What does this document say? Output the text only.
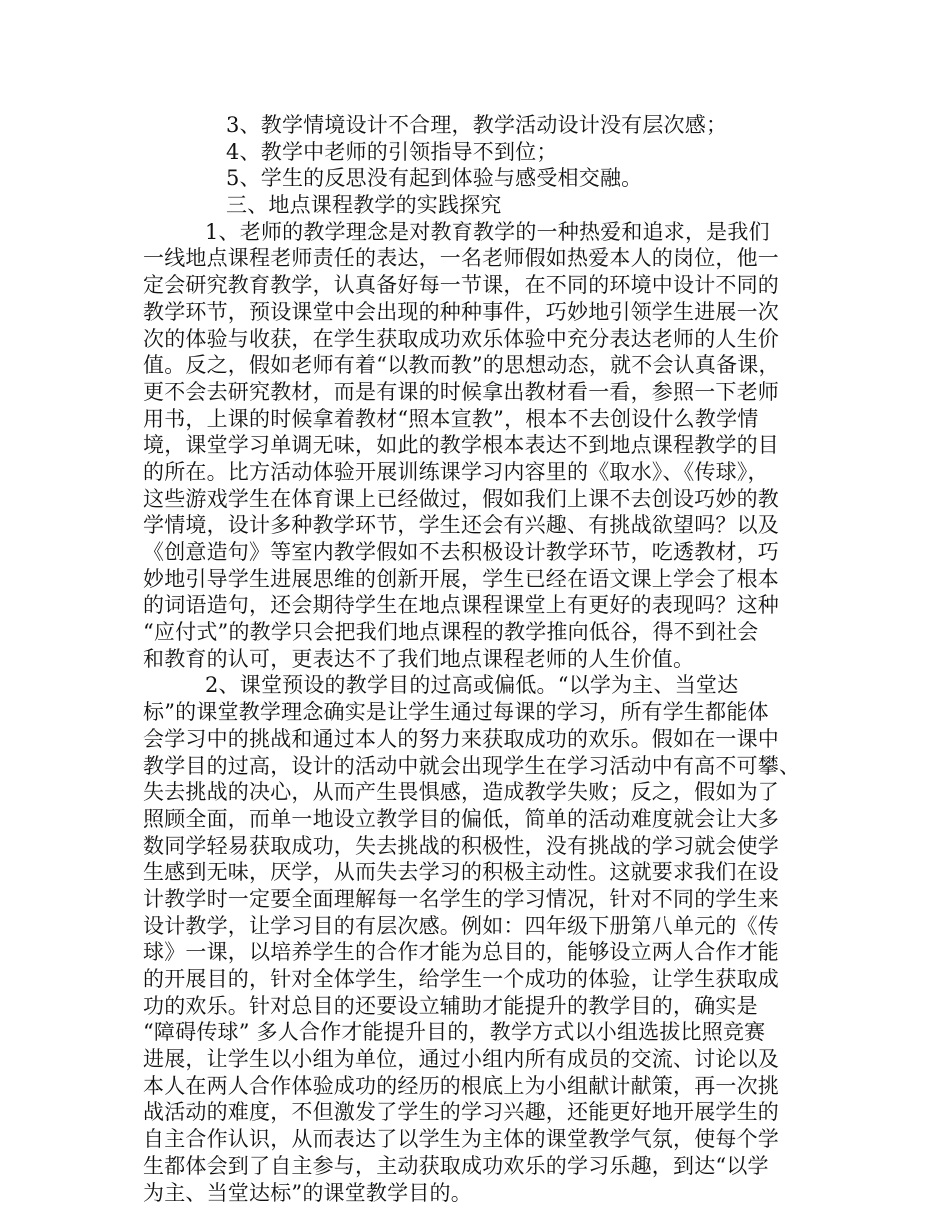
3、教学情境设计不合理，教学活动设计没有层次感；
4、教学中老师的引领指导不到位；
5、学生的反思没有起到体验与感受相交融。
三、地点课程教学的实践探究
1、老师的教学理念是对教育教学的一种热爱和追求，是我们
一线地点课程老师责任的表达，一名老师假如热爱本人的岗位，他一
定会研究教育教学，认真备好每一节课，在不同的环境中设计不同的
教学环节，预设课堂中会出现的种种事件，巧妙地引领学生进展一次
次的体验与收获，在学生获取成功欢乐体验中充分表达老师的人生价
值。反之，假如老师有着“以教而教”的思想动态，就不会认真备课，
更不会去研究教材，而是有课的时候拿出教材看一看，参照一下老师
用书，上课的时候拿着教材“照本宣教”，根本不去创设什么教学情
境，课堂学习单调无味，如此的教学根本表达不到地点课程教学的目
的所在。比方活动体验开展训练课学习内容里的《取水》、《传球》，
这些游戏学生在体育课上已经做过，假如我们上课不去创设巧妙的教
学情境，设计多种教学环节，学生还会有兴趣、有挑战欲望吗？以及
《创意造句》等室内教学假如不去积极设计教学环节，吃透教材，巧
妙地引导学生进展思维的创新开展，学生已经在语文课上学会了根本
的词语造句，还会期待学生在地点课程课堂上有更好的表现吗？这种
“应付式”的教学只会把我们地点课程的教学推向低谷，得不到社会
和教育的认可，更表达不了我们地点课程老师的人生价值。
2、课堂预设的教学目的过高或偏低。“以学为主、当堂达
标”的课堂教学理念确实是让学生通过每课的学习，所有学生都能体
会学习中的挑战和通过本人的努力来获取成功的欢乐。假如在一课中
教学目的过高，设计的活动中就会出现学生在学习活动中有高不可攀、
失去挑战的决心，从而产生畏惧感，造成教学失败；反之，假如为了
照顾全面，而单一地设立教学目的偏低，简单的活动难度就会让大多
数同学轻易获取成功，失去挑战的积极性，没有挑战的学习就会使学
生感到无味，厌学，从而失去学习的积极主动性。这就要求我们在设
计教学时一定要全面理解每一名学生的学习情况，针对不同的学生来
设计教学，让学习目的有层次感。例如：四年级下册第八单元的《传
球》一课，以培养学生的合作才能为总目的，能够设立两人合作才能
的开展目的，针对全体学生，给学生一个成功的体验，让学生获取成
功的欢乐。针对总目的还要设立辅助才能提升的教学目的，确实是
“障碍传球” 多人合作才能提升目的，教学方式以小组选拔比照竞赛
进展，让学生以小组为单位，通过小组内所有成员的交流、讨论以及
本人在两人合作体验成功的经历的根底上为小组献计献策，再一次挑
战活动的难度，不但激发了学生的学习兴趣，还能更好地开展学生的
自主合作认识，从而表达了以学生为主体的课堂教学气氛，使每个学
生都体会到了自主参与，主动获取成功欢乐的学习乐趣，到达“以学
为主、当堂达标”的课堂教学目的。
